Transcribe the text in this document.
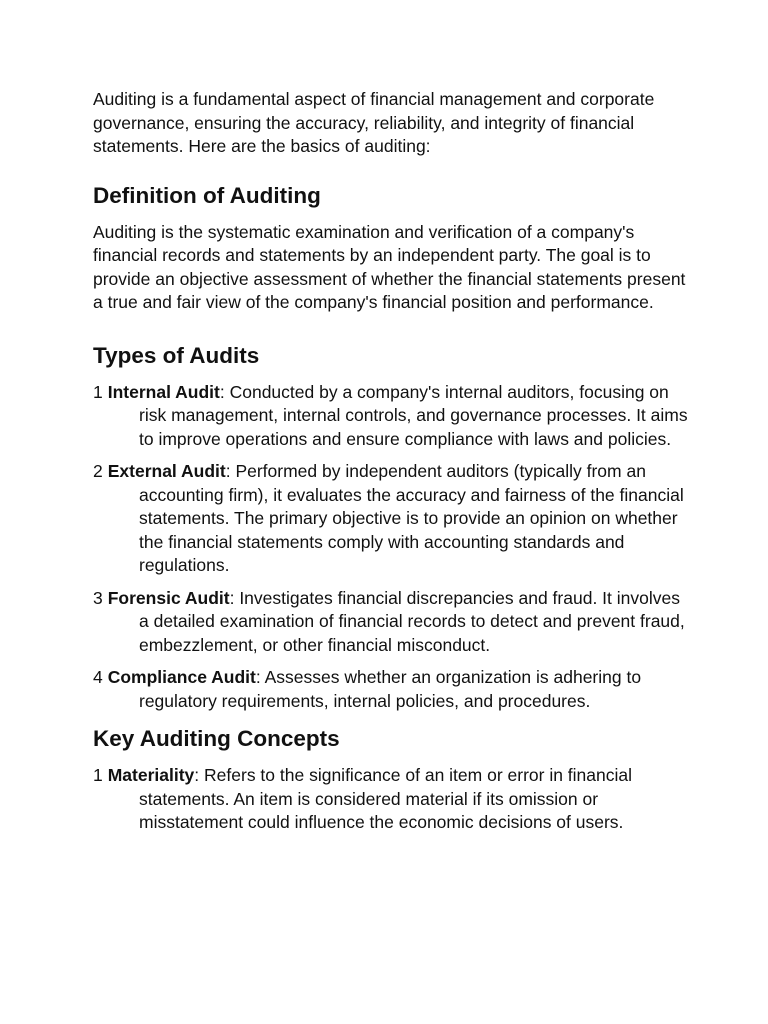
Auditing is a fundamental aspect of financial management and corporate governance, ensuring the accuracy, reliability, and integrity of financial statements. Here are the basics of auditing:

Definition of Auditing

Auditing is the systematic examination and verification of a company's financial records and statements by an independent party. The goal is to provide an objective assessment of whether the financial statements present a true and fair view of the company's financial position and performance.

Types of Audits
1 Internal Audit: Conducted by a company's internal auditors, focusing on risk management, internal controls, and governance processes. It aims to improve operations and ensure compliance with laws and policies.
2 External Audit: Performed by independent auditors (typically from an accounting firm), it evaluates the accuracy and fairness of the financial statements. The primary objective is to provide an opinion on whether the financial statements comply with accounting standards and regulations.
3 Forensic Audit: Investigates financial discrepancies and fraud. It involves a detailed examination of financial records to detect and prevent fraud, embezzlement, or other financial misconduct.
4 Compliance Audit: Assesses whether an organization is adhering to regulatory requirements, internal policies, and procedures.
Key Auditing Concepts
1 Materiality: Refers to the significance of an item or error in financial statements. An item is considered material if its omission or misstatement could influence the economic decisions of users.
